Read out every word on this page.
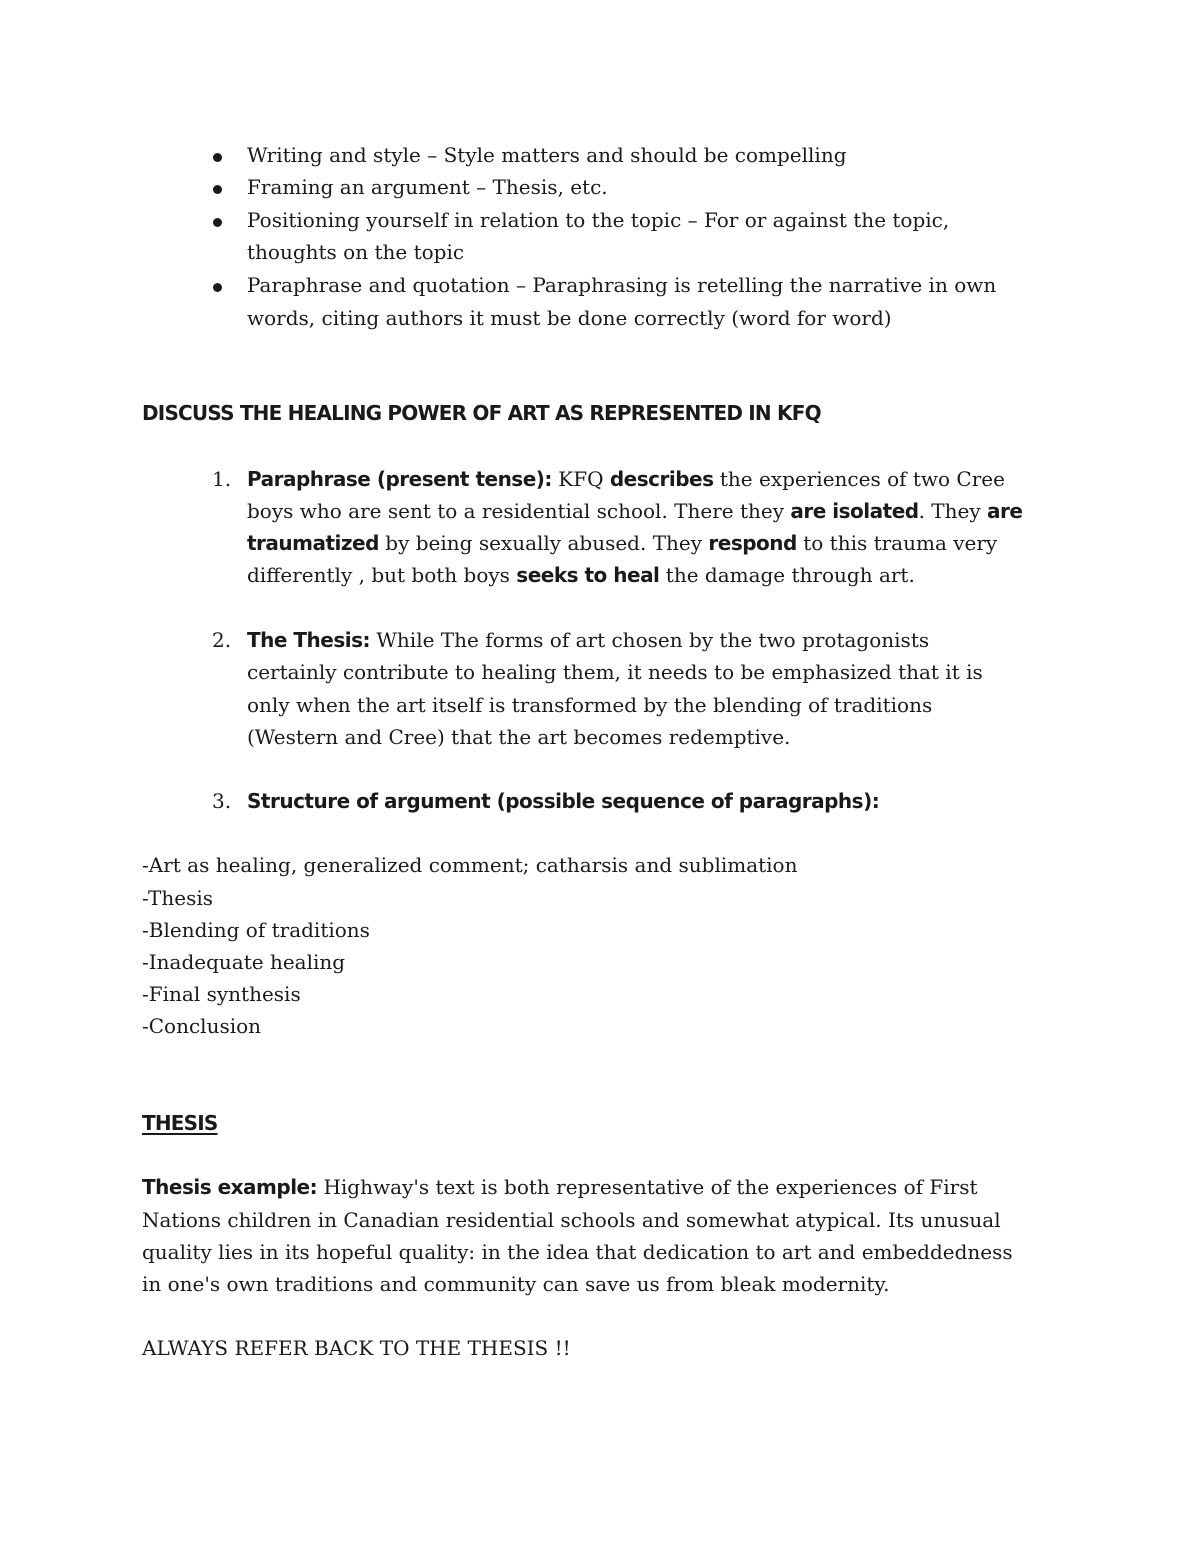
Writing and style – Style matters and should be compelling
Framing an argument – Thesis, etc.
Positioning yourself in relation to the topic – For or against the topic,
thoughts on the topic
Paraphrase and quotation – Paraphrasing is retelling the narrative in own
words, citing authors it must be done correctly (word for word)
DISCUSS THE HEALING POWER OF ART AS REPRESENTED IN KFQ
1. Paraphrase (present tense): KFQ describes the experiences of two Cree
boys who are sent to a residential school. There they are isolated. They are
traumatized by being sexually abused. They respond to this trauma very
differently , but both boys seeks to heal the damage through art.
2. The Thesis: While The forms of art chosen by the two protagonists
certainly contribute to healing them, it needs to be emphasized that it is
only when the art itself is transformed by the blending of traditions
(Western and Cree) that the art becomes redemptive.
3. Structure of argument (possible sequence of paragraphs):
-Art as healing, generalized comment; catharsis and sublimation
-Thesis
-Blending of traditions
-Inadequate healing
-Final synthesis
-Conclusion
THESIS
Thesis example: Highway's text is both representative of the experiences of First
Nations children in Canadian residential schools and somewhat atypical. Its unusual
quality lies in its hopeful quality: in the idea that dedication to art and embeddedness
in one's own traditions and community can save us from bleak modernity.
ALWAYS REFER BACK TO THE THESIS !!
